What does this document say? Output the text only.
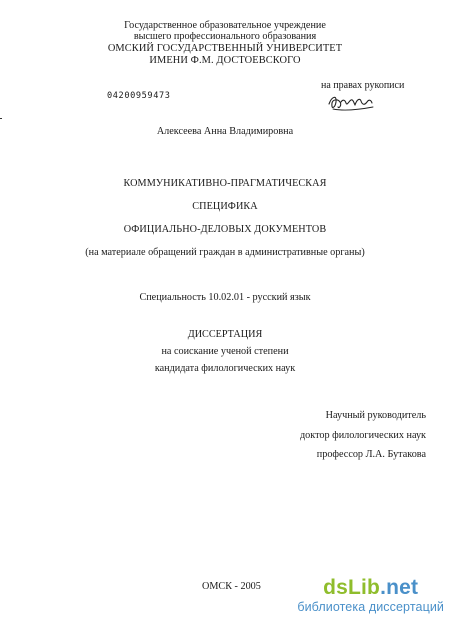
Государственное образовательное учреждение
высшего профессионального образования
ОМСКИЙ ГОСУДАРСТВЕННЫЙ УНИВЕРСИТЕТ
ИМЕНИ Ф.М. ДОСТОЕВСКОГО
на правах рукописи
04200959473
Алексеева Анна Владимировна
КОММУНИКАТИВНО-ПРАГМАТИЧЕСКАЯ
СПЕЦИФИКА
ОФИЦИАЛЬНО-ДЕЛОВЫХ ДОКУМЕНТОВ
(на материале обращений граждан в административные органы)
Специальность 10.02.01 - русский язык
ДИССЕРТАЦИЯ
на соискание ученой степени
кандидата филологических наук
Научный руководитель
доктор филологических наук
профессор Л.А. Бутакова
ОМСК - 2005	dsLib.net
библиотека диссертаций
